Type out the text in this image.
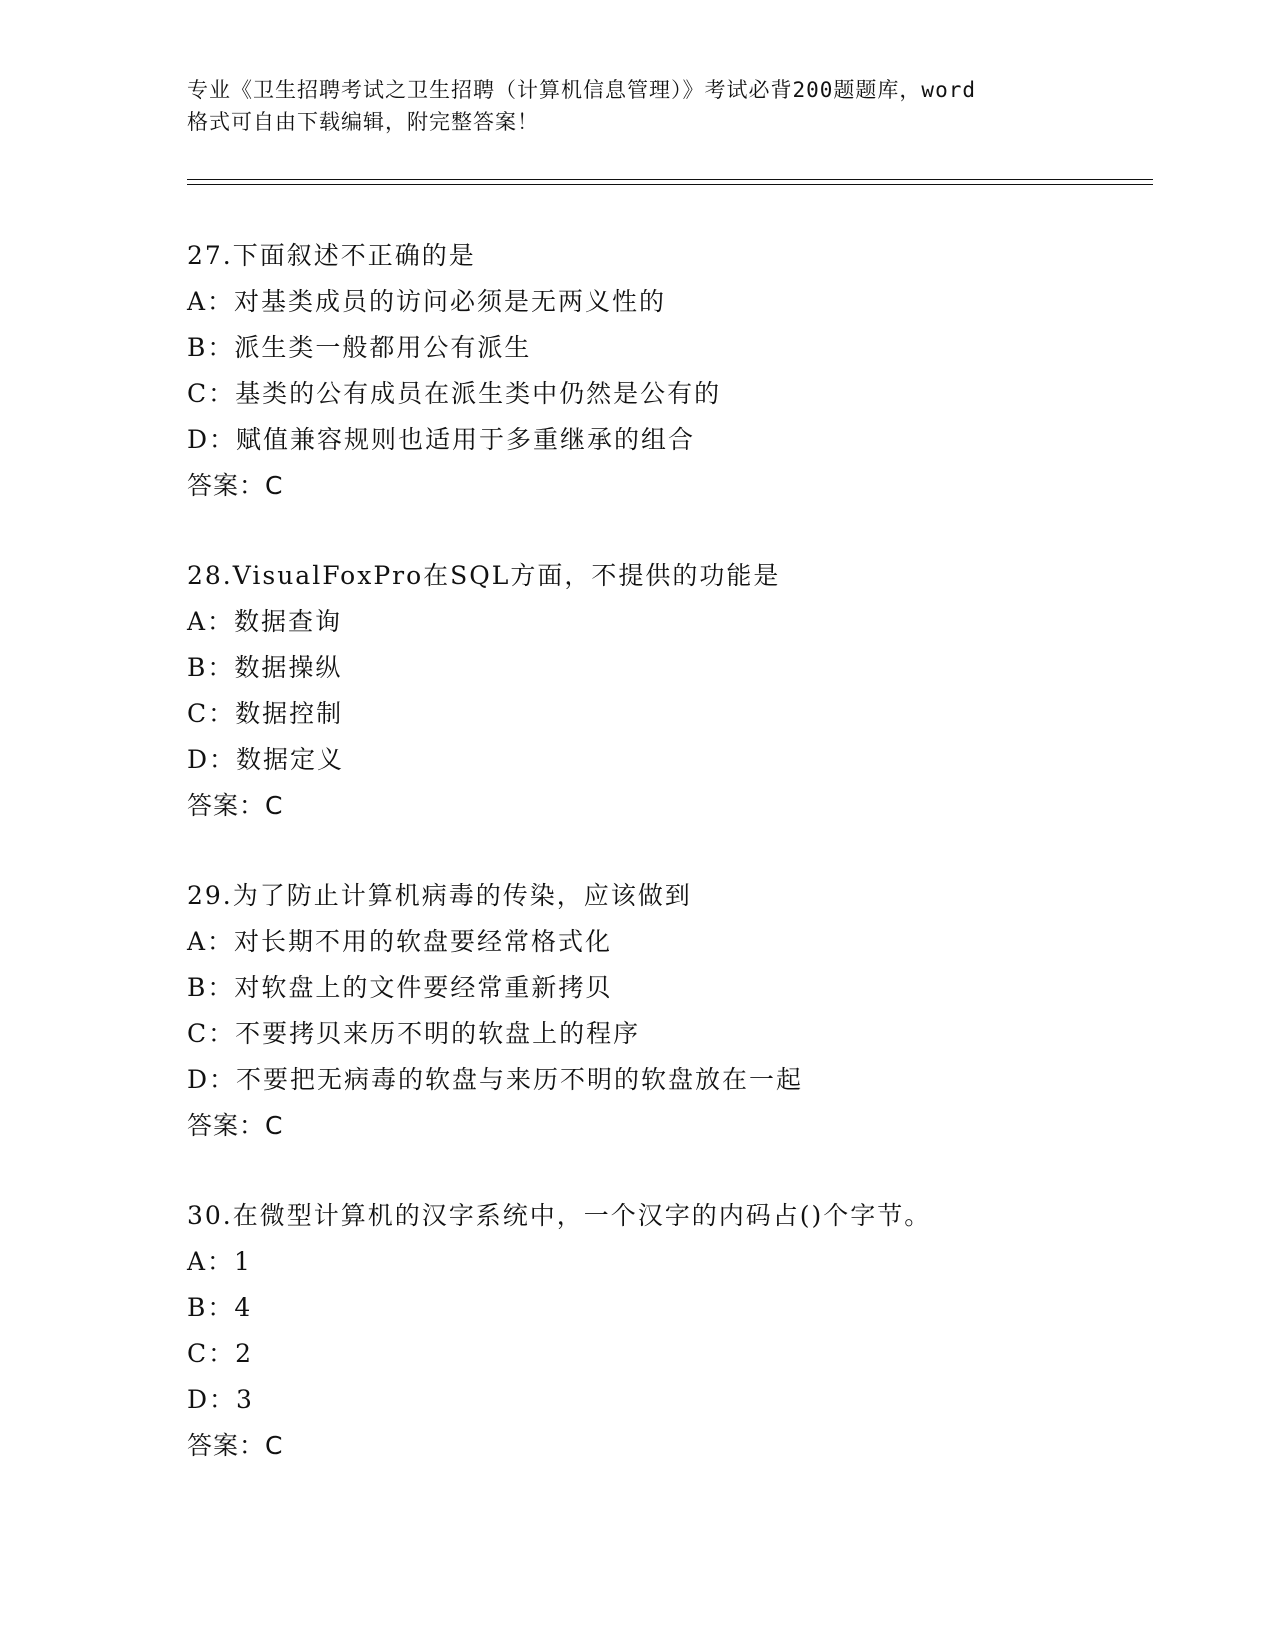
专业《卫生招聘考试之卫生招聘（计算机信息管理）》考试必背200题题库，word
格式可自由下载编辑，附完整答案！
27.下面叙述不正确的是
A：对基类成员的访问必须是无两义性的
B：派生类一般都用公有派生
C：基类的公有成员在派生类中仍然是公有的
D：赋值兼容规则也适用于多重继承的组合
答案：C
28.VisualFoxPro在SQL方面，不提供的功能是
A：数据查询
B：数据操纵
C：数据控制
D：数据定义
答案：C
29.为了防止计算机病毒的传染，应该做到
A：对长期不用的软盘要经常格式化
B：对软盘上的文件要经常重新拷贝
C：不要拷贝来历不明的软盘上的程序
D：不要把无病毒的软盘与来历不明的软盘放在一起
答案：C
30.在微型计算机的汉字系统中，一个汉字的内码占()个字节。
A：1
B：4
C：2
D：3
答案：C
